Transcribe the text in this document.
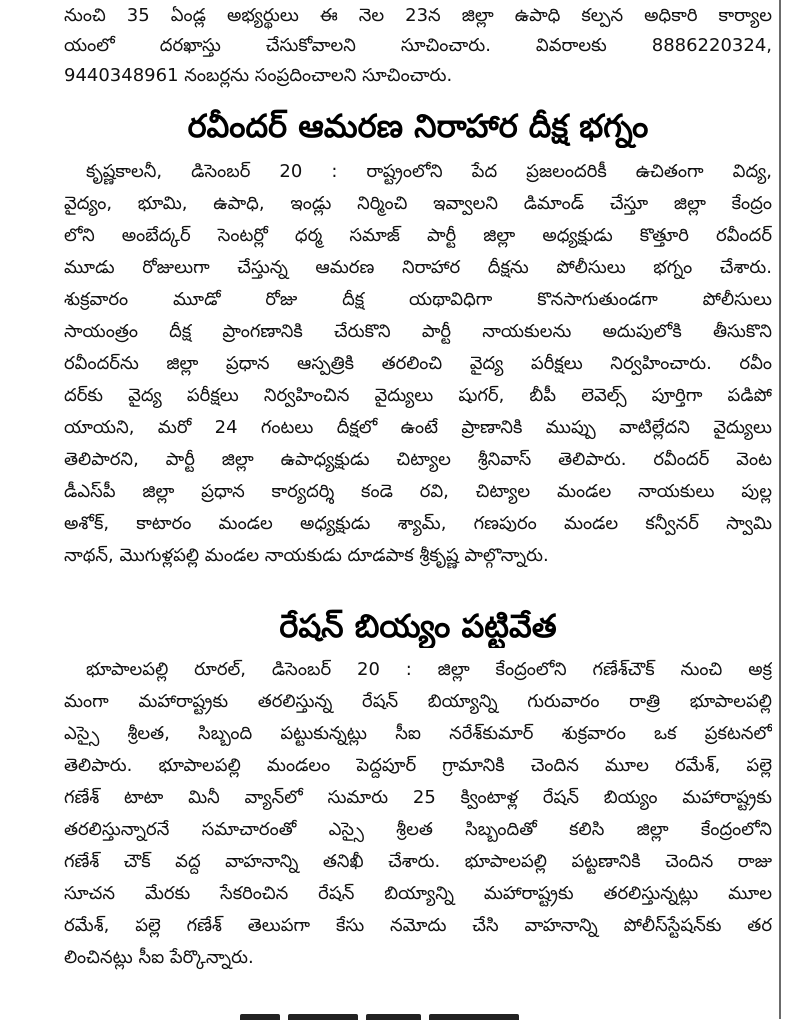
నుంచి 35 ఏండ్ల అభ్యర్థులు ఈ నెల 23న జిల్లా ఉపాధి కల్పన అధికారి కార్యాల
యంలో దరఖాస్తు చేసుకోవాలని సూచించారు. వివరాలకు 8886220324,
9440348961 నంబర్లను సంప్రదించాలని సూచించారు.
రవీందర్ ఆమరణ నిరాహార దీక్ష భగ్నం
కృష్ణకాలనీ, డిసెంబర్ 20 : రాష్ట్రంలోని పేద ప్రజలందరికీ ఉచితంగా విద్య,
వైద్యం, భూమి, ఉపాధి, ఇండ్లు నిర్మించి ఇవ్వాలని డిమాండ్ చేస్తూ జిల్లా కేంద్రం
లోని అంబేద్కర్ సెంటర్లో ధర్మ సమాజ్ పార్టీ జిల్లా అధ్యక్షుడు కొత్తూరి రవీందర్
మూడు రోజులుగా చేస్తున్న ఆమరణ నిరాహార దీక్షను పోలీసులు భగ్నం చేశారు.
శుక్రవారం మూడో రోజు దీక్ష యథావిధిగా కొనసాగుతుండగా పోలీసులు
సాయంత్రం దీక్ష ప్రాంగణానికి చేరుకొని పార్టీ నాయకులను అదుపులోకి తీసుకొని
రవీందర్‌ను జిల్లా ప్రధాన ఆస్పత్రికి తరలించి వైద్య పరీక్షలు నిర్వహించారు. రవీం
దర్‌కు వైద్య పరీక్షలు నిర్వహించిన వైద్యులు షుగర్, బీపీ లెవెల్స్ పూర్తిగా పడిపో
యాయని, మరో 24 గంటలు దీక్షలో ఉంటే ప్రాణానికి ముప్పు వాటిల్లేదని వైద్యులు
తెలిపారని, పార్టీ జిల్లా ఉపాధ్యక్షుడు చిట్యాల శ్రీనివాస్ తెలిపారు. రవీందర్ వెంట
డీఎస్‌పీ జిల్లా ప్రధాన కార్యదర్శి కండె రవి, చిట్యాల మండల నాయకులు పుల్ల
అశోక్, కాటారం మండల అధ్యక్షుడు శ్యామ్, గణపురం మండల కన్వీనర్ స్వామి
నాథన్, మొగుళ్లపల్లి మండల నాయకుడు దూడపాక శ్రీకృష్ణ పాల్గొన్నారు.
రేషన్ బియ్యం పట్టివేత
భూపాలపల్లి రూరల్, డిసెంబర్ 20 : జిల్లా కేంద్రంలోని గణేశ్‌చౌక్ నుంచి అక్ర
మంగా మహారాష్ట్రకు తరలిస్తున్న రేషన్ బియ్యాన్ని గురువారం రాత్రి భూపాలపల్లి
ఎస్సై శ్రీలత, సిబ్బంది పట్టుకున్నట్లు సీఐ నరేశ్‌కుమార్ శుక్రవారం ఒక ప్రకటనలో
తెలిపారు. భూపాలపల్లి మండలం పెద్దపూర్ గ్రామానికి చెందిన మూల రమేశ్, పల్లె
గణేశ్ టాటా మినీ వ్యాన్‌లో సుమారు 25 క్వింటాళ్ల రేషన్ బియ్యం మహారాష్ట్రకు
తరలిస్తున్నారనే సమాచారంతో ఎస్సై శ్రీలత సిబ్బందితో కలిసి జిల్లా కేంద్రంలోని
గణేశ్ చౌక్ వద్ద వాహనాన్ని తనిఖీ చేశారు. భూపాలపల్లి పట్టణానికి చెందిన రాజు
సూచన మేరకు సేకరించిన రేషన్ బియ్యాన్ని మహారాష్ట్రకు తరలిస్తున్నట్లు మూల
రమేశ్, పల్లె గణేశ్ తెలుపగా కేసు నమోదు చేసి వాహనాన్ని పోలీస్‌స్టేషన్‌కు తర
లించినట్లు సీఐ పేర్కొన్నారు.
